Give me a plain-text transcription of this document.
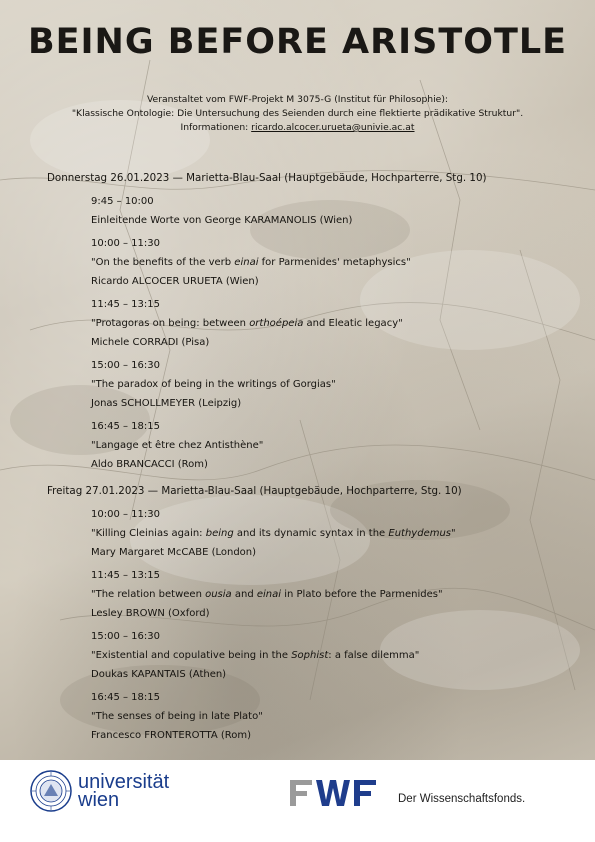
BEING BEFORE ARISTOTLE
Veranstaltet vom FWF-Projekt M 3075-G (Institut für Philosophie):
"Klassische Ontologie: Die Untersuchung des Seienden durch eine flektierte prädikative Struktur".
Informationen: ricardo.alcocer.urueta@univie.ac.at
Donnerstag 26.01.2023 — Marietta-Blau-Saal (Hauptgebäude, Hochparterre, Stg. 10)
9:45 – 10:00
Einleitende Worte von George KARAMANOLIS (Wien)
10:00 – 11:30
"On the benefits of the verb einai for Parmenides' metaphysics"
Ricardo ALCOCER URUETA (Wien)
11:45 – 13:15
"Protagoras on being: between orthoépeia and Eleatic legacy"
Michele CORRADI (Pisa)
15:00 – 16:30
"The paradox of being in the writings of Gorgias"
Jonas SCHOLLMEYER (Leipzig)
16:45 – 18:15
"Langage et être chez Antisthène"
Aldo BRANCACCI (Rom)
Freitag 27.01.2023 — Marietta-Blau-Saal (Hauptgebäude, Hochparterre, Stg. 10)
10:00 – 11:30
"Killing Cleinias again: being and its dynamic syntax in the Euthydemus"
Mary Margaret McCABE (London)
11:45 – 13:15
"The relation between ousia and einai in Plato before the Parmenides"
Lesley BROWN (Oxford)
15:00 – 16:30
"Existential and copulative being in the Sophist: a false dilemma"
Doukas KAPANTAIS (Athen)
16:45 – 18:15
"The senses of being in late Plato"
Francesco FRONTEROTTA (Rom)
universität
wien	Der Wissenschaftsfonds.
